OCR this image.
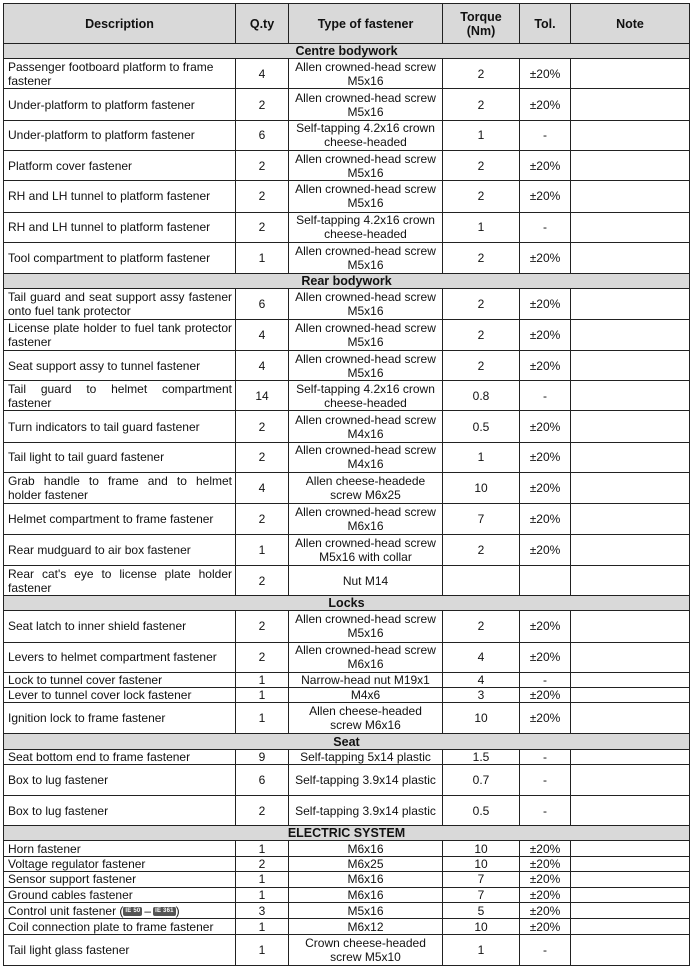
Description	Q.ty	Type of fastener	Torque (Nm)	Tol.	Note
Centre bodywork					
Passenger footboard platform to frame fastener	4	Allen crowned-head screw M5x16	2	±20%	
Under-platform to platform fastener	2	Allen crowned-head screw M5x16	2	±20%	
Under-platform to platform fastener	6	Self-tapping 4.2x16 crown cheese-headed	1	-	
Platform cover fastener	2	Allen crowned-head screw M5x16	2	±20%	
RH and LH tunnel to platform fastener	2	Allen crowned-head screw M5x16	2	±20%	
RH and LH tunnel to platform fastener	2	Self-tapping 4.2x16 crown cheese-headed	1	-	
Tool compartment to platform fastener	1	Allen crowned-head screw M5x16	2	±20%	
Rear bodywork					
Tail guard and seat support assy fastener onto fuel tank protector	6	Allen crowned-head screw M5x16	2	±20%	
License plate holder to fuel tank protector fastener	4	Allen crowned-head screw M5x16	2	±20%	
Seat support assy to tunnel fastener	4	Allen crowned-head screw M5x16	2	±20%	
Tail guard to helmet compartment fastener	14	Self-tapping 4.2x16 crown cheese-headed	0.8	-	
Turn indicators to tail guard fastener	2	Allen crowned-head screw M4x16	0.5	±20%	
Tail light to tail guard fastener	2	Allen crowned-head screw M4x16	1	±20%	
Grab handle to frame and to helmet holder fastener	4	Allen cheese-headede screw M6x25	10	±20%	
Helmet compartment to frame fastener	2	Allen crowned-head screw M6x16	7	±20%	
Rear mudguard to air box fastener	1	Allen crowned-head screw M5x16 with collar	2	±20%	
Rear cat's eye to license plate holder fastener	2	Nut M14			
Locks					
Seat latch to inner shield fastener	2	Allen crowned-head screw M5x16	2	±20%	
Levers to helmet compartment fastener	2	Allen crowned-head screw M6x16	4	±20%	
Lock to tunnel cover fastener	1	Narrow-head nut M19x1	4	-	
Lever to tunnel cover lock fastener	1	M4x6	3	±20%	
Ignition lock to frame fastener	1	Allen cheese-headed screw M6x16	10	±20%	
Seat					
Seat bottom end to frame fastener	9	Self-tapping 5x14 plastic	1.5	-	
Box to lug fastener	6	Self-tapping 3.9x14 plastic	0.7	-	
Box to lug fastener	2	Self-tapping 3.9x14 plastic	0.5	-	
ELECTRIC SYSTEM					
Horn fastener	1	M6x16	10	±20%	
Voltage regulator fastener	2	M6x25	10	±20%	
Sensor support fastener	1	M6x16	7	±20%	
Ground cables fastener	1	M6x16	7	±20%	
Control unit fastener ( IE 50 – IE 361 )	3	M5x16	5	±20%	
Coil connection plate to frame fastener	1	M6x12	10	±20%	
Tail light glass fastener	1	Crown cheese-headed screw M5x10	1	-	
